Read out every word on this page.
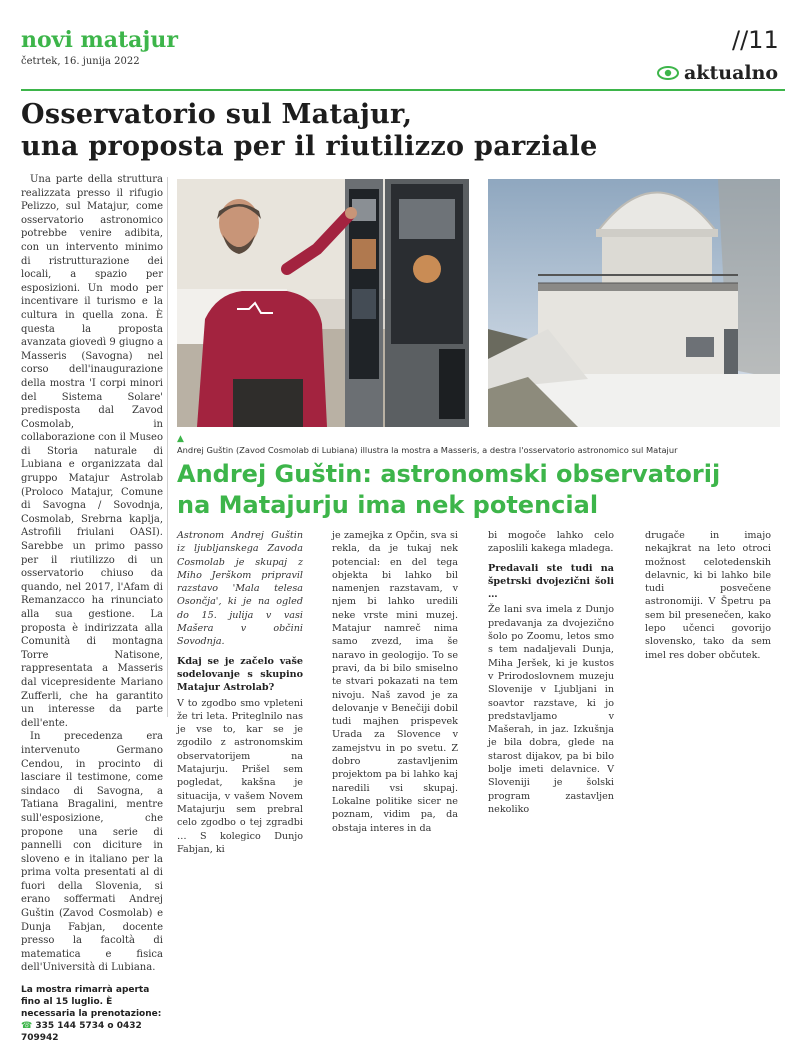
novi matajur
četrtek, 16. junija 2022
//11
aktualno
Osservatorio sul Matajur,
una proposta per il riutilizzo parziale

Una parte della struttura realizzata presso il rifugio Pelizzo, sul Matajur, come osservatorio astronomico potrebbe venire adibita, con un intervento minimo di ristrutturazione dei locali, a spazio per esposizioni. Un modo per incentivare il turismo e la cultura in quella zona. È questa la proposta avanzata giovedì 9 giugno a Masseris (Savogna) nel corso dell'inaugurazione della mostra 'I corpi minori del Sistema Solare' predisposta dal Zavod Cosmolab, in collaborazione con il Museo di Storia naturale di Lubiana e organizzata dal gruppo Matajur Astrolab (Proloco Matajur, Comune di Savogna / Sovodnja, Cosmolab, Srebrna kaplja, Astrofili friulani OASI). Sarebbe un primo passo per il riutilizzo di un osservatorio chiuso da quando, nel 2017, l'Afam di Remanzacco ha rinunciato alla sua gestione. La proposta è indirizzata alla Comunità di montagna Torre Natisone, rappresentata a Masseris dal vicepresidente Mariano Zufferli, che ha garantito un interesse da parte dell'ente.

In precedenza era intervenuto Germano Cendou, in procinto di lasciare il testimone, come sindaco di Savogna, a Tatiana Bragalini, mentre sull'esposizione, che propone una serie di pannelli con diciture in sloveno e in italiano per la prima volta presentati al di fuori della Slovenia, si erano soffermati Andrej Guštin (Zavod Cosmolab) e Dunja Fabjan, docente presso la facoltà di matematica e fisica dell'Università di Lubiana.

La mostra rimarrà aperta fino al 15 luglio. È necessaria la prenotazione:
☎ 335 144 5734 o 0432 709942
▲
Andrej Guštin (Zavod Cosmolab di Lubiana) illustra la mostra a Masseris, a destra l'osservatorio astronomico sul Matajur
Andrej Guštin: astronomski observatorij
na Matajurju ima nek potencial

Astronom Andrej Guštin iz ljubljanskega Zavoda Cosmolab je skupaj z Miho Jerškom pripravil razstavo 'Mala telesa Osončja', ki je na ogled do 15. julija v vasi Mašera v občini Sovodnja.

Kdaj se je začelo vaše sodelovanje s skupino Matajur Astrolab?

V to zgodbo smo vpleteni že tri leta. Priteglnilo nas je vse to, kar se je zgodilo z astronomskim observatorijem na Matajurju. Prišel sem pogledat, kakšna je situacija, v vašem Novem Matajurju sem prebral celo zgodbo o tej zgradbi … S kolegico Dunjo Fabjan, ki

je zamejka z Opčin, sva si rekla, da je tukaj nek potencial: en del tega objekta bi lahko bil namenjen razstavam, v njem bi lahko uredili neke vrste mini muzej. Matajur namreč nima samo zvezd, ima še naravo in geologijo. To se pravi, da bi bilo smiselno te stvari pokazati na tem nivoju. Naš zavod je za delovanje v Benečiji dobil tudi majhen prispevek Urada za Slovence v zamejstvu in po svetu. Z dobro zastavljenim projektom pa bi lahko kaj naredili vsi skupaj. Lokalne politike sicer ne poznam, vidim pa, da obstaja interes in da

bi mogoče lahko celo zaposlili kakega mladega.

Predavali ste tudi na špetrski dvojezični šoli …

Že lani sva imela z Dunjo predavanja za dvojezično šolo po Zoomu, letos smo s tem nadaljevali Dunja, Miha Jeršek, ki je kustos v Prirodoslovnem muzeju Slovenije v Ljubljani in soavtor razstave, ki jo predstavljamo v Mašerah, in jaz. Izkušnja je bila dobra, glede na starost dijakov, pa bi bilo bolje imeti delavnice. V Sloveniji je šolski program zastavljen nekoliko

drugače in imajo nekajkrat na leto otroci možnost celotedenskih delavnic, ki bi lahko bile tudi posvečene astronomiji. V Špetru pa sem bil presenečen, kako lepo učenci govorijo slovensko, tako da sem imel res dober občutek.
